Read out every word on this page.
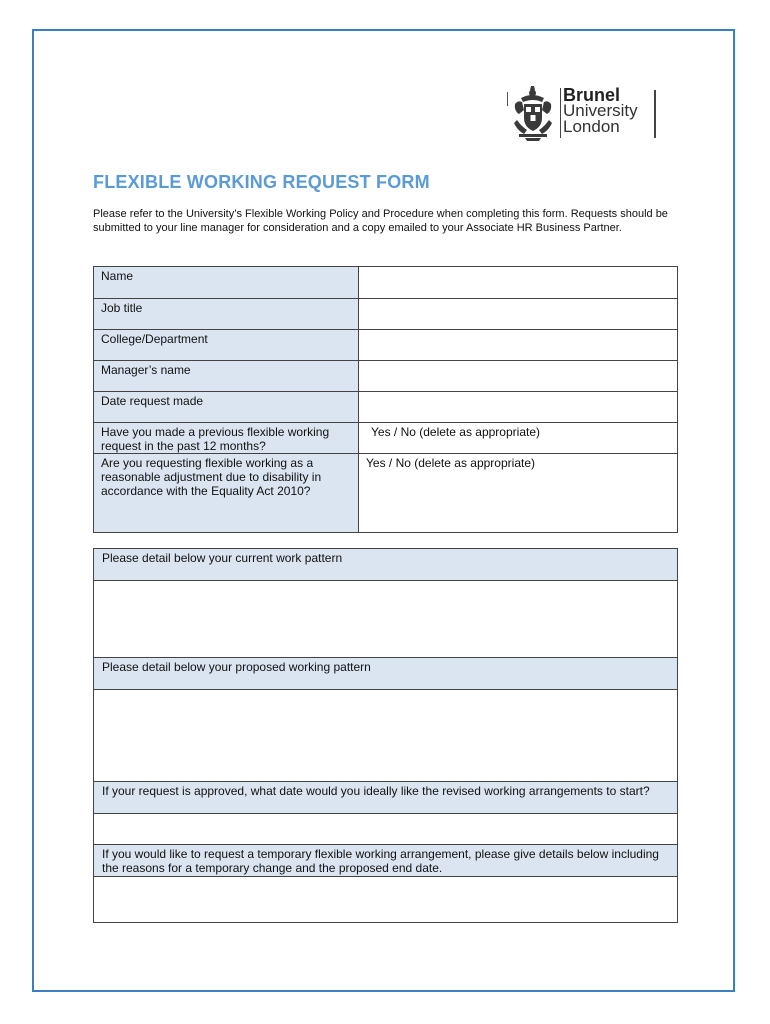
Brunel
University
London
FLEXIBLE WORKING REQUEST FORM

Please refer to the University’s Flexible Working Policy and Procedure when completing this form. Requests should be submitted to your line manager for consideration and a copy emailed to your Associate HR Business Partner.

Name	
Job title	
College/Department	
Manager’s name	
Date request made	
Have you made a previous flexible working request in the past 12 months?	Yes / No (delete as appropriate)
Are you requesting flexible working as a reasonable adjustment due to disability in accordance with the Equality Act 2010?	Yes / No (delete as appropriate)
Please detail below your current work pattern

Please detail below your proposed working pattern

If your request is approved, what date would you ideally like the revised working arrangements to start?

If you would like to request a temporary flexible working arrangement, please give details below including the reasons for a temporary change and the proposed end date.
